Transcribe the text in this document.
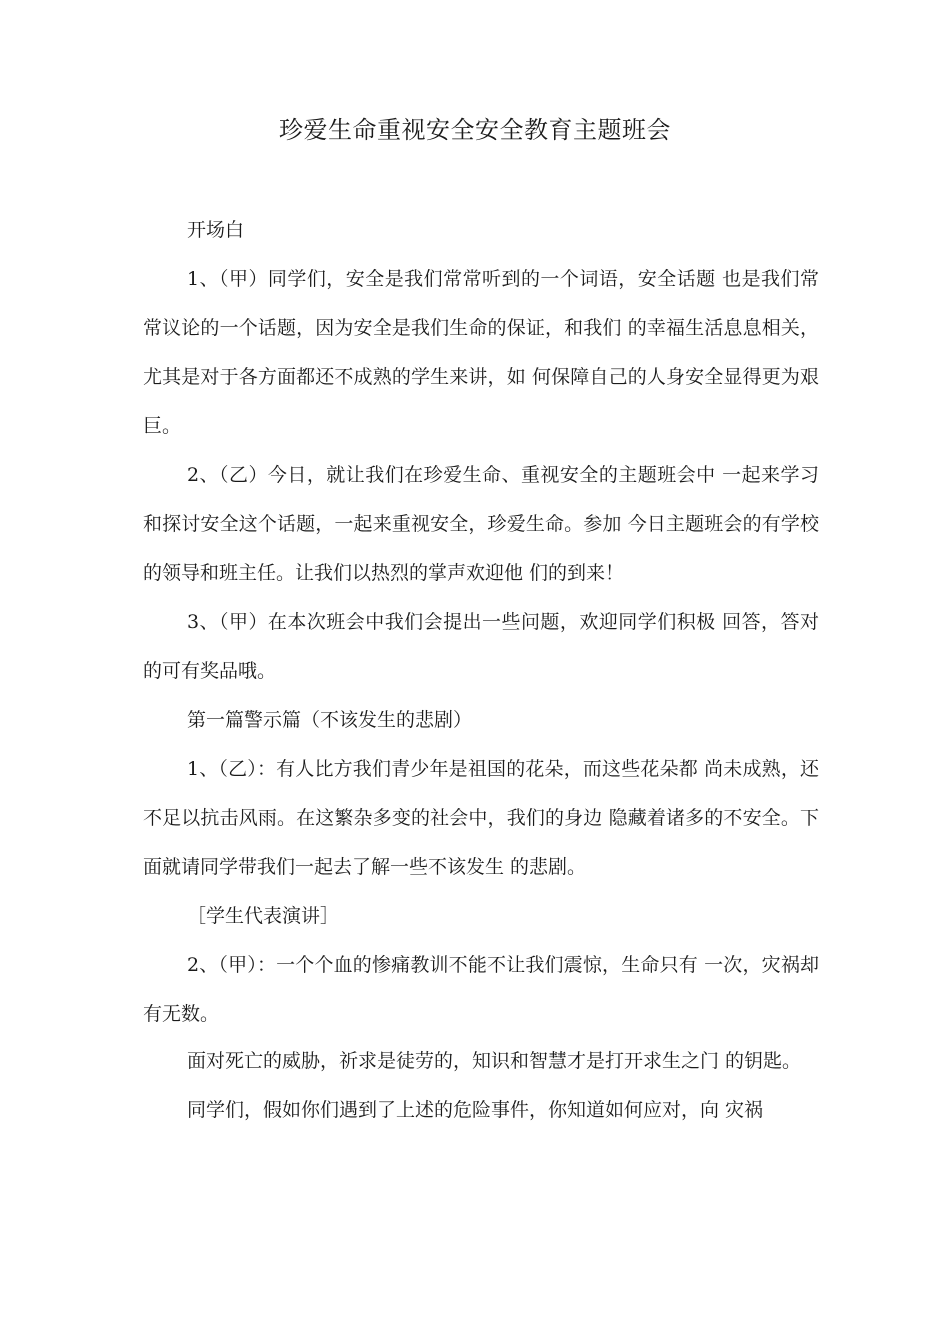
珍爱生命重视安全安全教育主题班会

开场白

1、（甲）同学们，安全是我们常常听到的一个词语，安全话题 也是我们常常议论的一个话题，因为安全是我们生命的保证，和我们 的幸福生活息息相关，尤其是对于各方面都还不成熟的学生来讲，如 何保障自己的人身安全显得更为艰巨。

2、（乙）今日，就让我们在珍爱生命、重视安全的主题班会中 一起来学习和探讨安全这个话题，一起来重视安全，珍爱生命。参加 今日主题班会的有学校的领导和班主任。让我们以热烈的掌声欢迎他 们的到来！

3、（甲）在本次班会中我们会提出一些问题，欢迎同学们积极 回答，答对的可有奖品哦。

第一篇警示篇（不该发生的悲剧）

1、（乙）：有人比方我们青少年是祖国的花朵，而这些花朵都 尚未成熟，还不足以抗击风雨。在这繁杂多变的社会中，我们的身边 隐藏着诸多的不安全。下面就请同学带我们一起去了解一些不该发生 的悲剧。

［学生代表演讲］

2、（甲）：一个个血的惨痛教训不能不让我们震惊，生命只有 一次，灾祸却有无数。

面对死亡的威胁，祈求是徒劳的，知识和智慧才是打开求生之门 的钥匙。

同学们，假如你们遇到了上述的危险事件，你知道如何应对，向 灾祸
